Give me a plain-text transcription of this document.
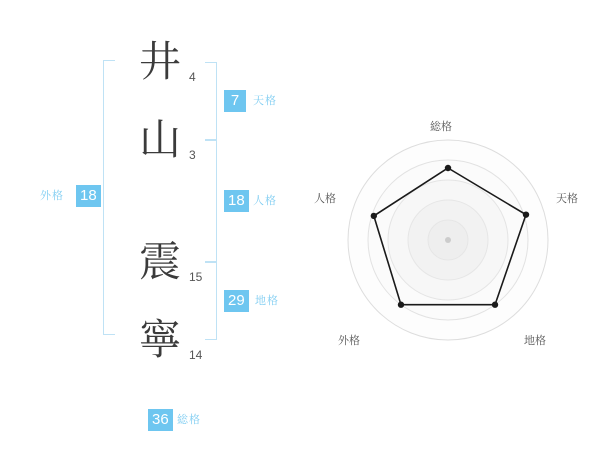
外格 18
井 4
山 3
震 15
寧 14
7	天格
18 人格
29 地格
36 総格
総格
天格
地格
外格
人格
